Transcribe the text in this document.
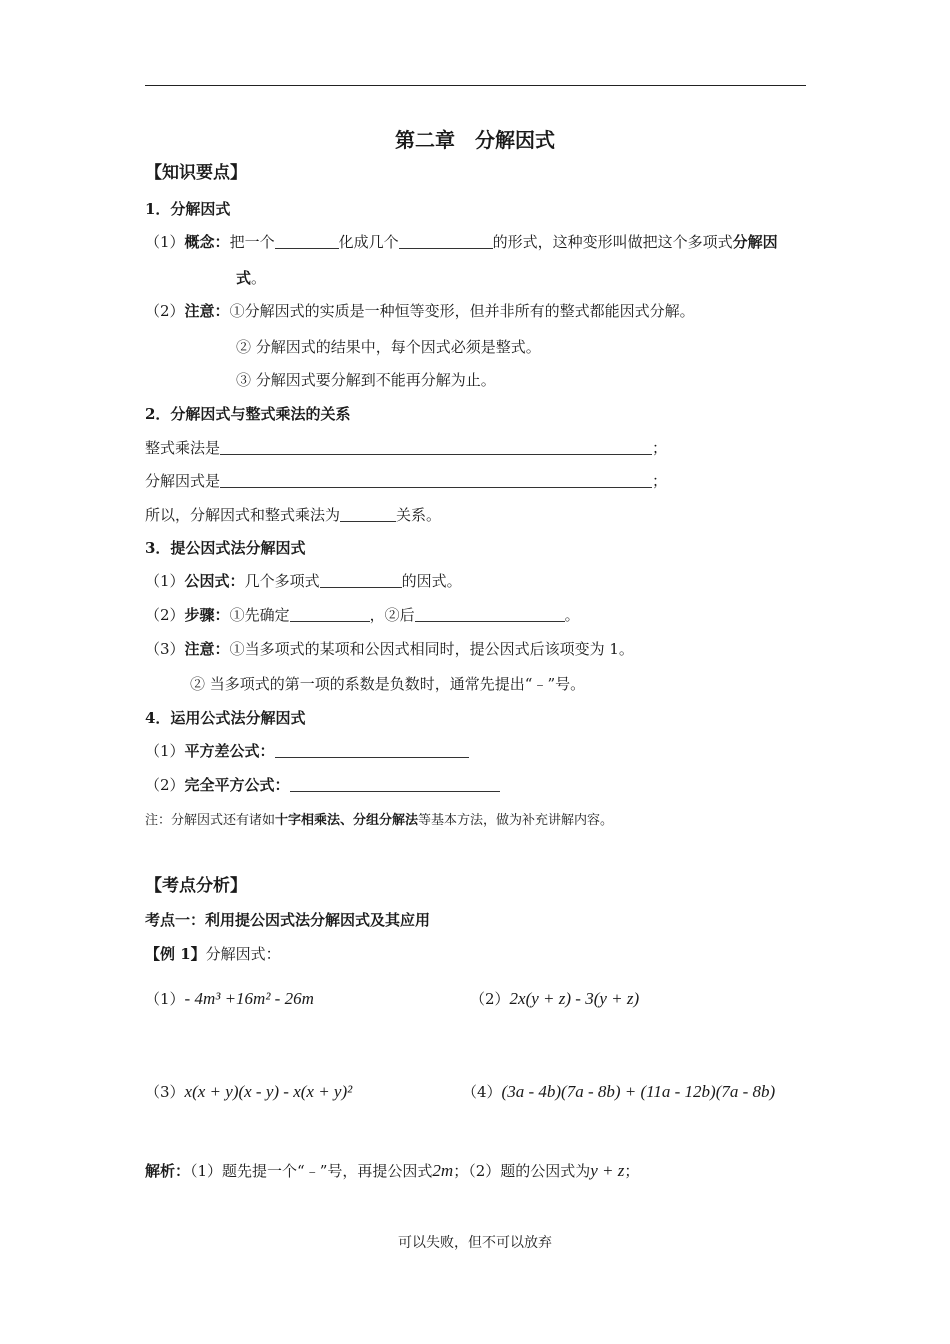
第二章　分解因式
【知识要点】
1．分解因式
（1）概念：把一个	化成几个	的形式，这种变形叫做把这个多项式分解因
式。
（2）注意：①分解因式的实质是一种恒等变形，但并非所有的整式都能因式分解。
② 分解因式的结果中，每个因式必须是整式。
③ 分解因式要分解到不能再分解为止。
2．分解因式与整式乘法的关系
整式乘法是	；
分解因式是	；
所以，分解因式和整式乘法为	关系。
3．提公因式法分解因式
（1）公因式：几个多项式	的因式。
（2）步骤：①先确定	，②后	。
（3）注意：①当多项式的某项和公因式相同时，提公因式后该项变为 1。
② 当多项式的第一项的系数是负数时，通常先提出“﹣”号。
4．运用公式法分解因式
（1）平方差公式：
（2）完全平方公式：
注：分解因式还有诸如十字相乘法、分组分解法等基本方法，做为补充讲解内容。
【考点分析】
考点一：利用提公因式法分解因式及其应用
【例 1】分解因式：
（1）- 4m³ +16m² - 26m	（2）2x(y + z) - 3(y + z)
（3）x(x + y)(x - y) - x(x + y)²	（4）(3a - 4b)(7a - 8b) + (11a - 12b)(7a - 8b)
解析：（1）题先提一个“﹣”号，再提公因式2m；（2）题的公因式为y + z；
可以失败，但不可以放弃
